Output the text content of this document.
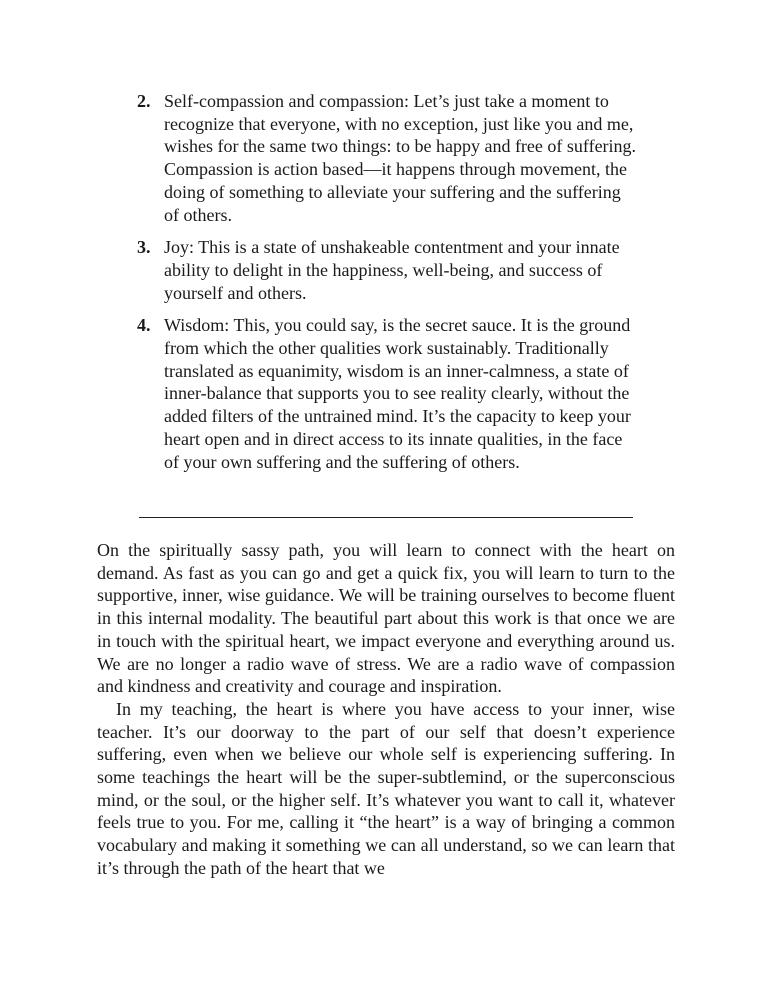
2. Self-compassion and compassion: Let’s just take a moment to recognize that everyone, with no exception, just like you and me, wishes for the same two things: to be happy and free of suffering. Compassion is action based—it happens through movement, the doing of something to alleviate your suffering and the suffering of others.
3. Joy: This is a state of unshakeable contentment and your innate ability to delight in the happiness, well-being, and success of yourself and others.
4. Wisdom: This, you could say, is the secret sauce. It is the ground from which the other qualities work sustainably. Traditionally translated as equanimity, wisdom is an inner-calmness, a state of inner-balance that supports you to see reality clearly, without the added filters of the untrained mind. It’s the capacity to keep your heart open and in direct access to its innate qualities, in the face of your own suffering and the suffering of others.

On the spiritually sassy path, you will learn to connect with the heart on demand. As fast as you can go and get a quick fix, you will learn to turn to the supportive, inner, wise guidance. We will be training ourselves to become fluent in this internal modality. The beautiful part about this work is that once we are in touch with the spiritual heart, we impact everyone and everything around us. We are no longer a radio wave of stress. We are a radio wave of compassion and kindness and creativity and courage and inspiration.

In my teaching, the heart is where you have access to your inner, wise teacher. It’s our doorway to the part of our self that doesn’t experience suffering, even when we believe our whole self is experiencing suffering. In some teachings the heart will be the super-subtlemind, or the superconscious mind, or the soul, or the higher self. It’s whatever you want to call it, whatever feels true to you. For me, calling it “the heart” is a way of bringing a common vocabulary and making it something we can all understand, so we can learn that it’s through the path of the heart that we
